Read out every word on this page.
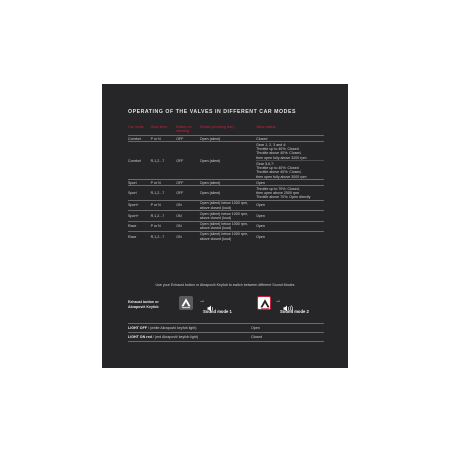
OPERATING OF THE VALVES IN DIFFERENT CAR MODES
Car mode	Gear lever	Button on steering	Switch (crossing line)	Valve status
Comfort	P or N	OFF	Open (silent)	Closed
Comfort	R,1,2...7	OFF	Open (silent)	Gear 1, 2, 3 and 4:
Throttle up to 40%: Closed
Throttle above 40%: Closed,
then open fully above 3200 rpm

				Gear 5,6,7:
Throttle up to 40%: Closed
Throttle above 40%: Closed,
then open fully above 3000 rpm

Sport	P or N	OFF	Open (silent)	Open
Sport	R,1,2...7	OFF	Open (silent)	Throttle up to 70%: Closed,
then open above 2500 rpm
Throttle above 70%: Open directly

Sport+	P or N	ON	Open (silent) below 1000 rpm, above closed (loud)	Open
Sport+	R,1,2...7	ON	Open (silent) below 1000 rpm, above closed (loud)	Open
Race	P or N	ON	Open (silent) below 1000 rpm, above closed (loud)	Open
Race	R,1,2...7	ON	Open (silent) below 1000 rpm, above closed (loud)	Open
Use your Exhaust button or Akrapovič Keyfob to switch between different Sound Modes
Exhaust button or Akrapovič Keyfob
→
Sound mode 1
→
Sound mode 2
LIGHT OFF / (white Akrapovič keyfob light)	Open
LIGHT ON red / (red Akrapovič keyfob light)	Closed
